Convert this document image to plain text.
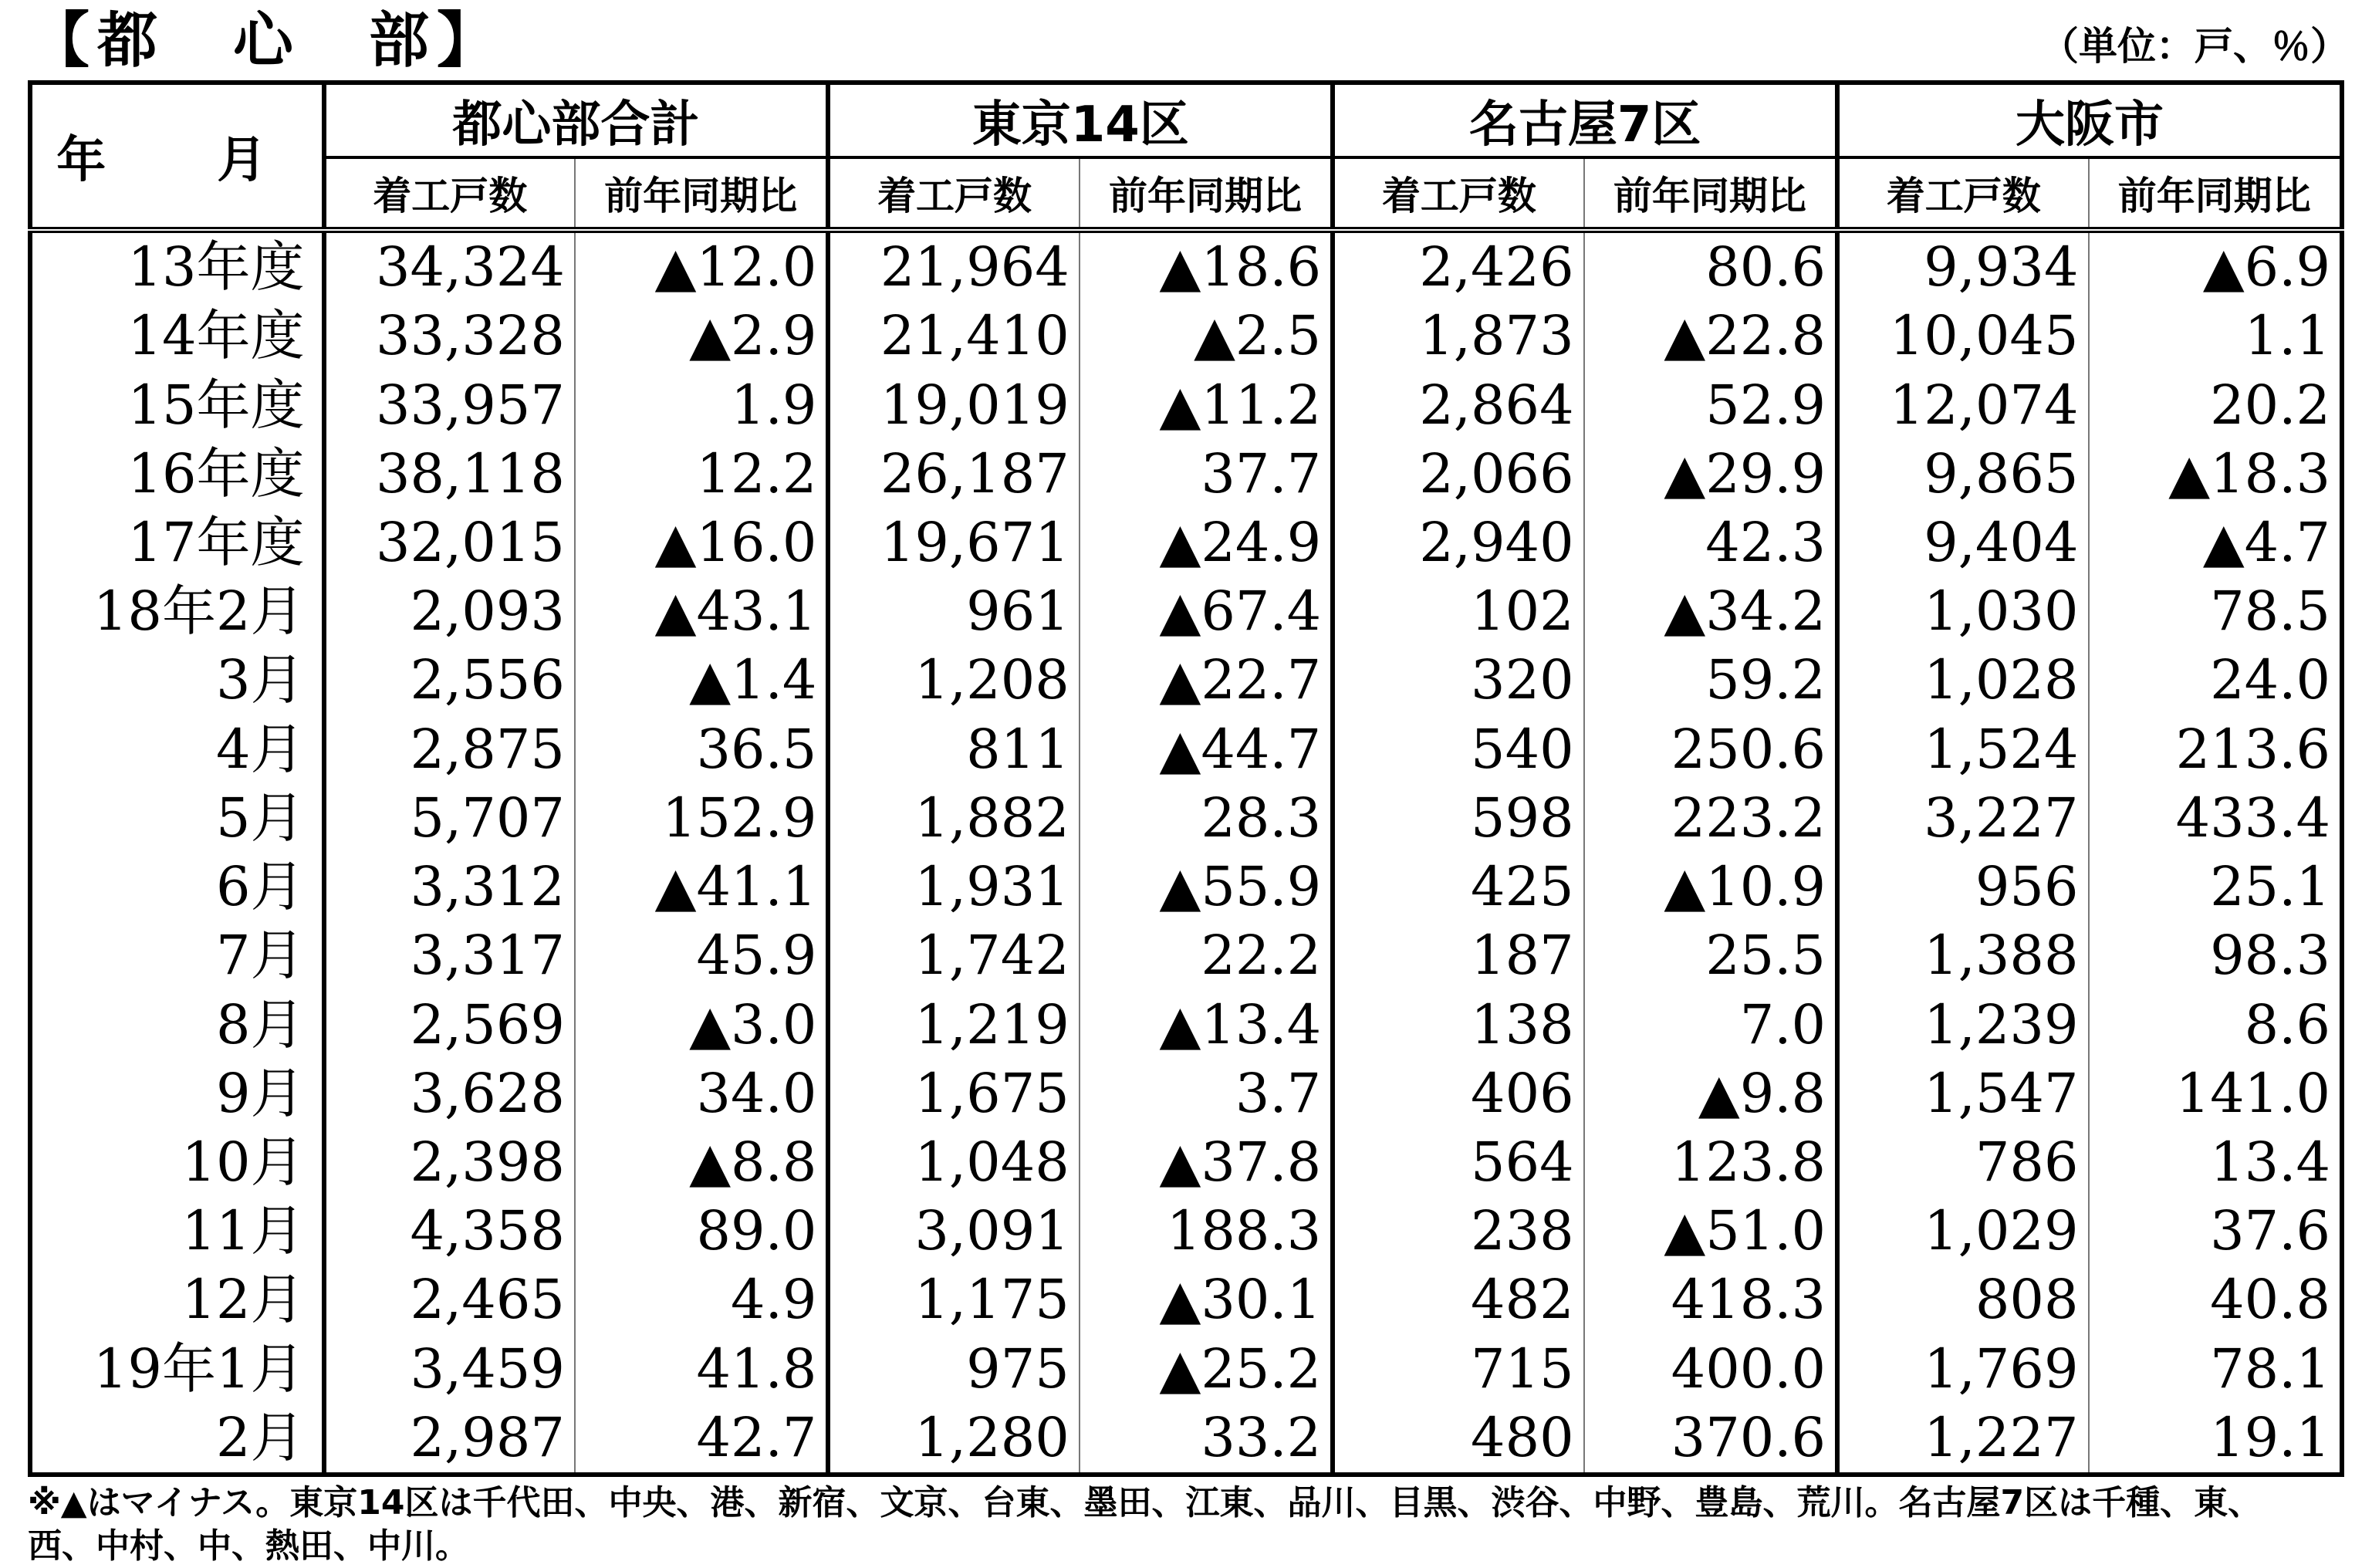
【都　心　部】	（単位：戸、％）
年　月	都心部合計		東京14区		名古屋7区		大阪市	
	着工戸数	前年同期比	着工戸数	前年同期比	着工戸数	前年同期比	着工戸数	前年同期比
13年度	34,324	▲12.0	21,964	▲18.6	2,426	80.6	9,934	▲6.9
14年度	33,328	▲2.9	21,410	▲2.5	1,873	▲22.8	10,045	1.1
15年度	33,957	1.9	19,019	▲11.2	2,864	52.9	12,074	20.2
16年度	38,118	12.2	26,187	37.7	2,066	▲29.9	9,865	▲18.3
17年度	32,015	▲16.0	19,671	▲24.9	2,940	42.3	9,404	▲4.7
18年2月	2,093	▲43.1	961	▲67.4	102	▲34.2	1,030	78.5
3月	2,556	▲1.4	1,208	▲22.7	320	59.2	1,028	24.0
4月	2,875	36.5	811	▲44.7	540	250.6	1,524	213.6
5月	5,707	152.9	1,882	28.3	598	223.2	3,227	433.4
6月	3,312	▲41.1	1,931	▲55.9	425	▲10.9	956	25.1
7月	3,317	45.9	1,742	22.2	187	25.5	1,388	98.3
8月	2,569	▲3.0	1,219	▲13.4	138	7.0	1,239	8.6
9月	3,628	34.0	1,675	3.7	406	▲9.8	1,547	141.0
10月	2,398	▲8.8	1,048	▲37.8	564	123.8	786	13.4
11月	4,358	89.0	3,091	188.3	238	▲51.0	1,029	37.6
12月	2,465	4.9	1,175	▲30.1	482	418.3	808	40.8
19年1月	3,459	41.8	975	▲25.2	715	400.0	1,769	78.1
2月	2,987	42.7	1,280	33.2	480	370.6	1,227	19.1
※▲はマイナス。東京14区は千代田、中央、港、新宿、文京、台東、墨田、江東、品川、目黒、渋谷、中野、豊島、荒川。名古屋7区は千種、東、西、中村、中、熱田、中川。
